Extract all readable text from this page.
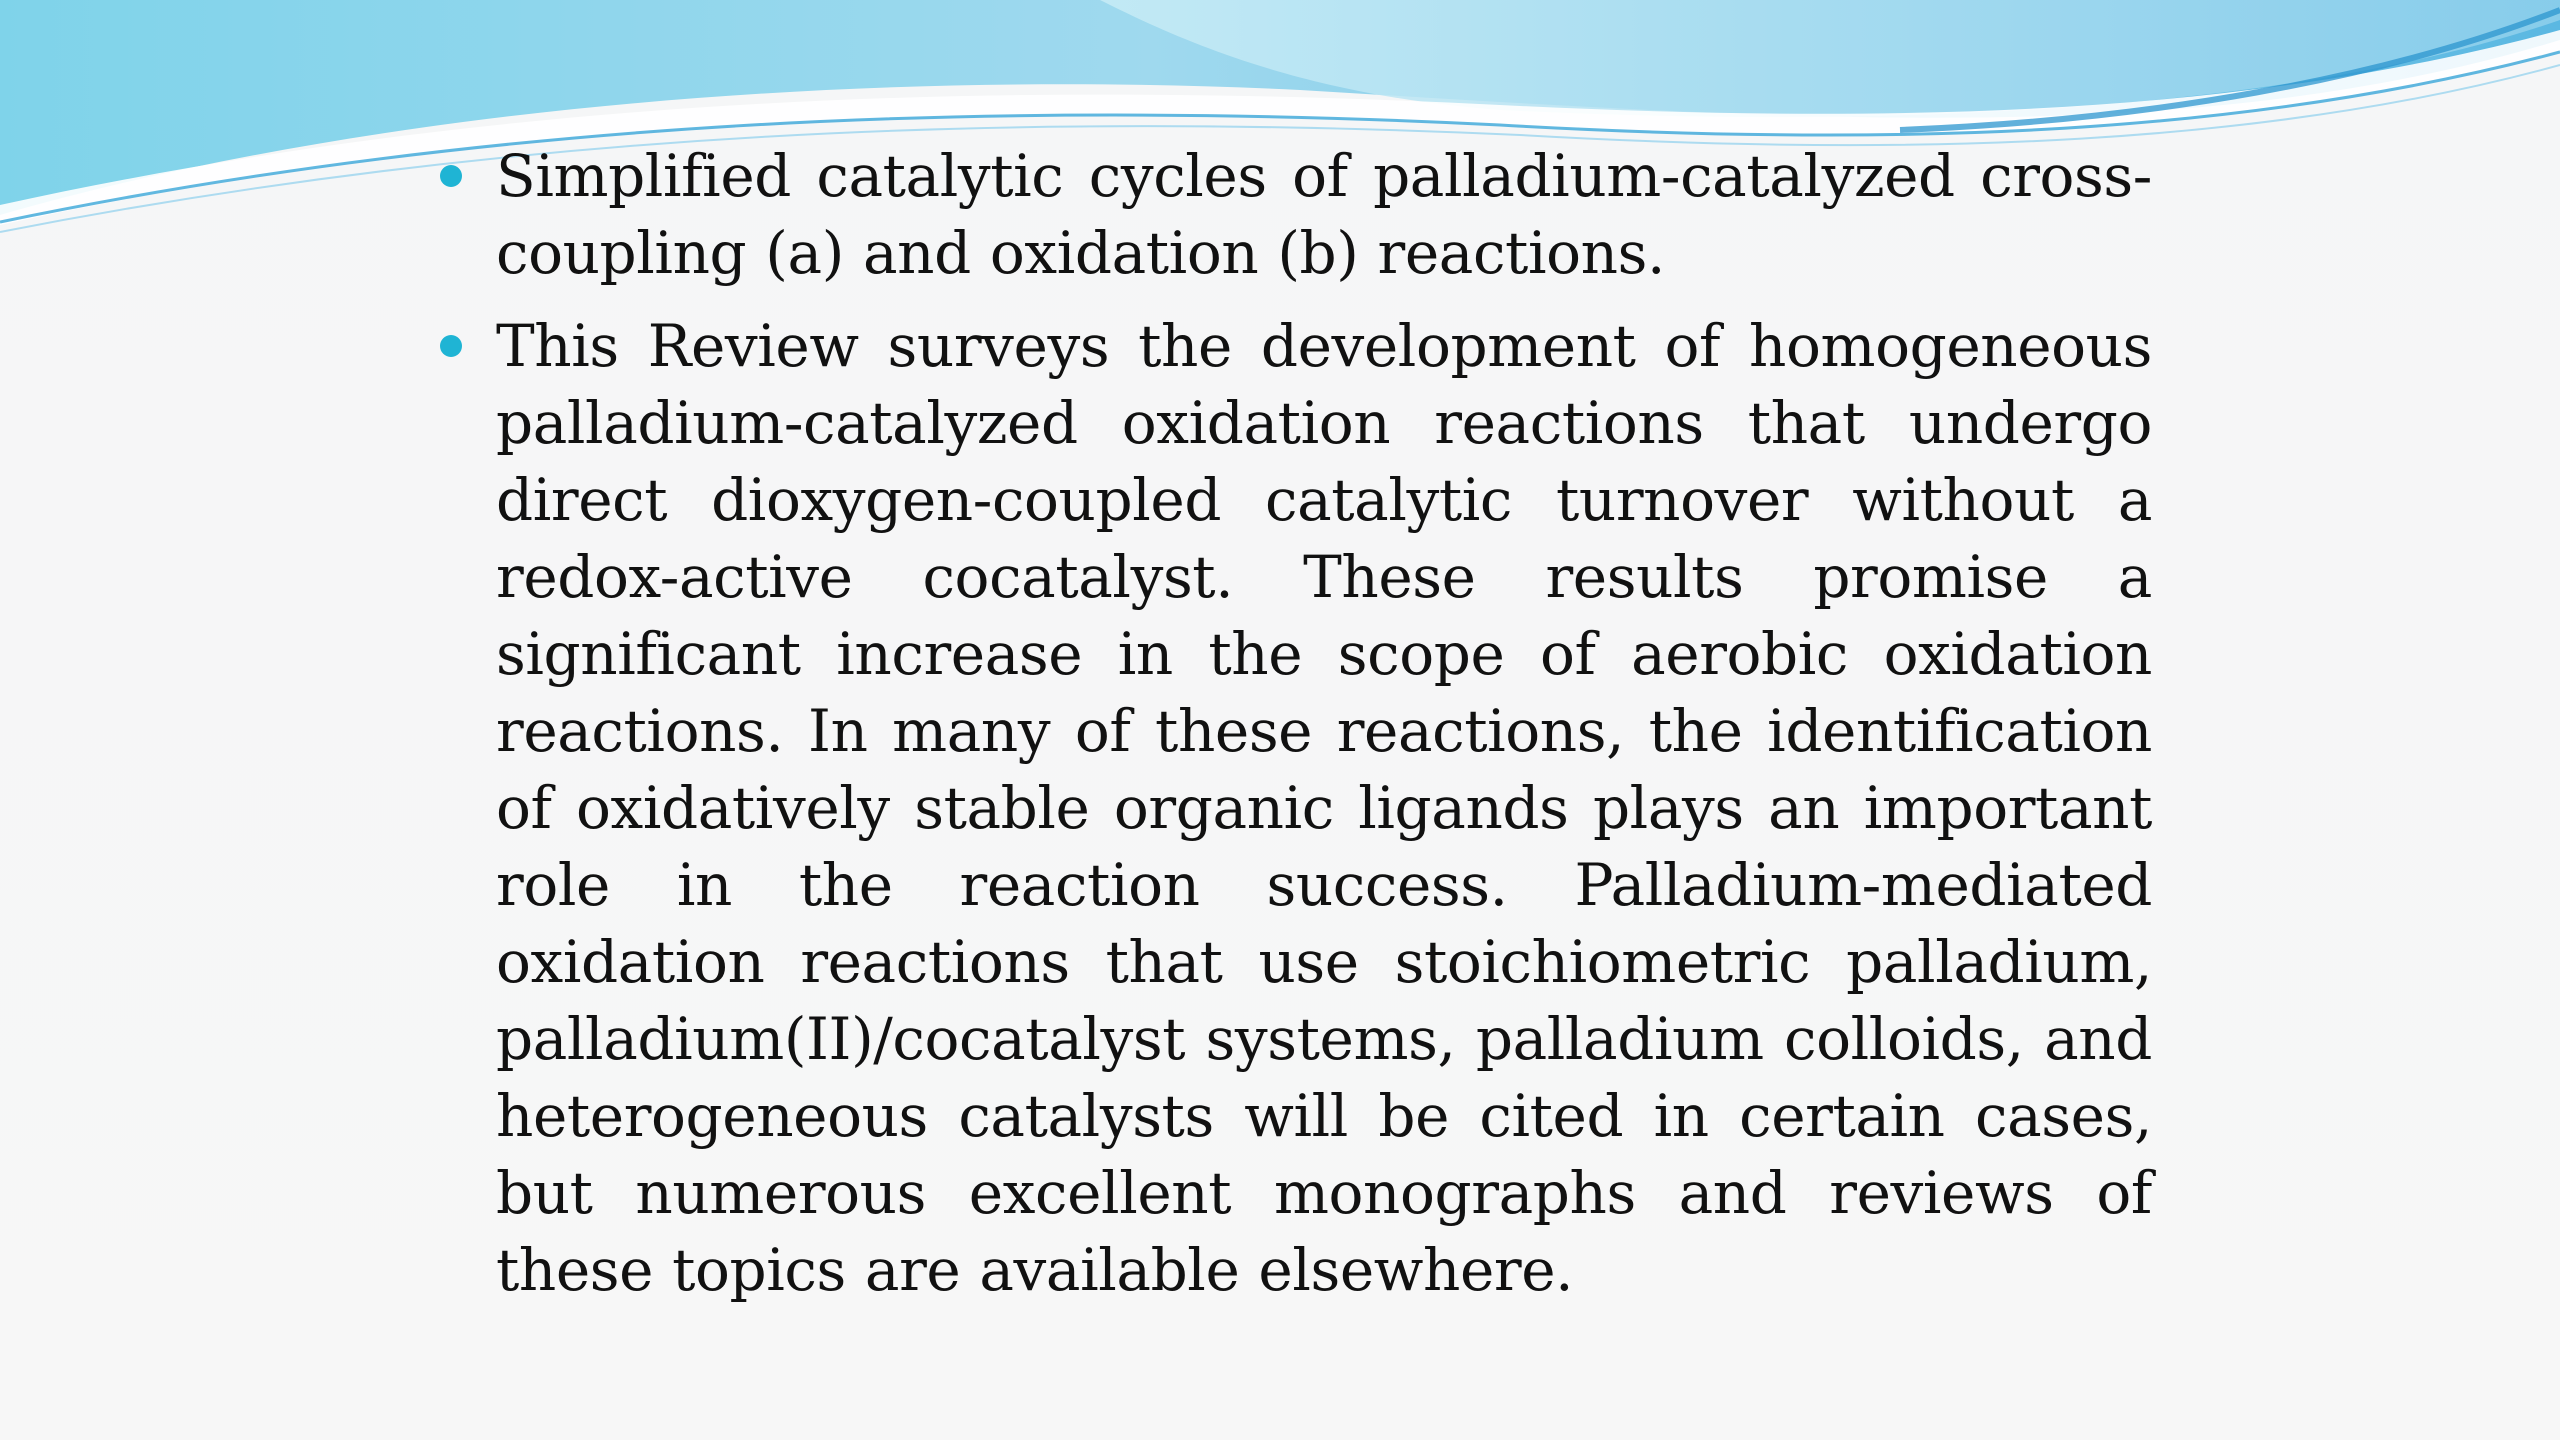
Simplified catalytic cycles of palladium-catalyzed cross-coupling (a) and oxidation (b) reactions.
This Review surveys the development of homogeneous palladium-catalyzed oxidation reactions that undergo direct dioxygen-coupled catalytic turnover without a redox-active cocatalyst. These results promise a significant increase in the scope of aerobic oxidation reactions. In many of these reactions, the identification of oxidatively stable organic ligands plays an important role in the reaction success. Palladium-mediated oxidation reactions that use stoichiometric palladium, palladium(II)/cocatalyst systems, palladium colloids, and heterogeneous catalysts will be cited in certain cases, but numerous excellent monographs and reviews of these topics are available elsewhere.
